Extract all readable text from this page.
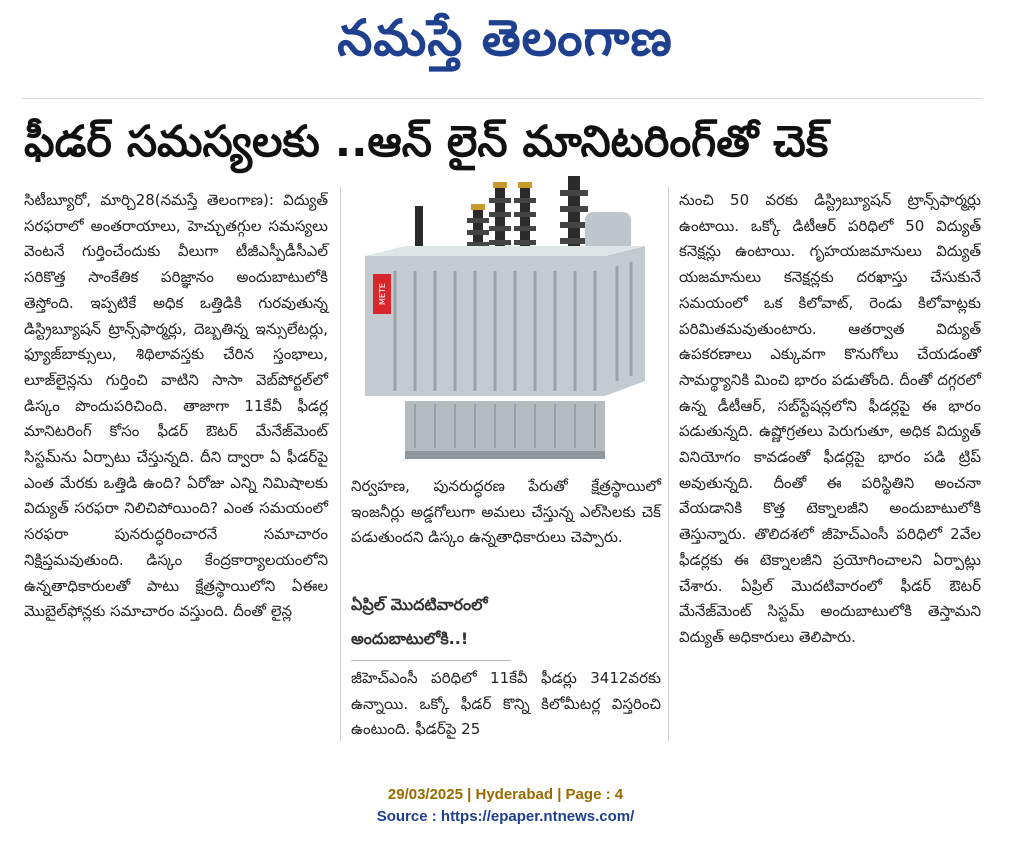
నమస్తే తెలంగాణ
ఫీడర్ సమస్యలకు ..ఆన్ లైన్ మానిటరింగ్‌తో చెక్

సిటీబ్యూరో, మార్చి28(నమస్తే తెలంగాణ): విద్యుత్ సరఫరాలో అంతరాయాలు, హెచ్చుతగ్గుల సమస్యలు వెంటనే గుర్తించేందుకు వీలుగా టీజీఎస్పీడీసీఎల్ సరికొత్త సాంకేతిక పరిజ్ఞానం అందుబాటులోకి తెస్తోంది. ఇప్పటికే అధిక ఒత్తిడికి గురవుతున్న డిస్ట్రిబ్యూషన్ ట్రాన్స్‌ఫార్మర్లు, దెబ్బతిన్న ఇన్సులేటర్లు, ఫ్యూజ్‌బాక్సులు, శిథిలావస్తకు చేరిన స్తంభాలు, లూజ్‌లైన్లను గుర్తించి వాటిని సాసా వెబ్‌పోర్టల్‌లో డిస్కం పొందుపరిచింది. తాజాగా 11కేవీ ఫీడర్ల మానిటరింగ్ కోసం ఫీడర్ ఔటర్ మేనేజ్‌మెంట్ సిస్టమ్‌ను ఏర్పాటు చేస్తున్నది. దీని ద్వారా ఏ ఫీడర్‌పై ఎంత మేరకు ఒత్తిడి ఉంది? ఏరోజు ఎన్ని నిమిషాలకు విద్యుత్ సరఫరా నిలిచిపోయింది? ఎంత సమయంలో సరఫరా పునరుద్ధరించారనే సమాచారం నిక్షిప్తమవుతుంది. డిస్కం కేంద్రకార్యాలయంలోని ఉన్నతాధికారులతో పాటు క్షేత్రస్థాయిలోని ఏఈల మొబైల్‌ఫోన్లకు సమాచారం వస్తుంది. దీంతో లైన్ల

METE

నిర్వహణ, పునరుద్ధరణ పేరుతో క్షేత్రస్థాయిలో ఇంజనీర్లు అడ్డగోలుగా అమలు చేస్తున్న ఎల్‌సిలకు చెక్ పడుతుందని డిస్కం ఉన్నతాధికారులు చెప్పారు.

ఏప్రిల్ మొదటివారంలో
అందుబాటులోకి..!

జీహెచ్‌ఎంసీ పరిధిలో 11కేవీ ఫీడర్లు 3412వరకు ఉన్నాయి. ఒక్కో ఫీడర్ కొన్ని కిలోమీటర్ల విస్తరించి ఉంటుంది. ఫీడర్‌పై 25

నుంచి 50 వరకు డిస్ట్రిబ్యూషన్ ట్రాన్స్‌ఫార్మర్లు ఉంటాయి. ఒక్కో డిటీఆర్ పరిధిలో 50 విద్యుత్ కనెక్షన్లు ఉంటాయి. గృహయజమానులు విద్యుత్ యజమానులు కనెక్షన్లకు దరఖాస్తు చేసుకునే సమయంలో ఒక కిలోవాట్, రెండు కిలోవాట్లకు పరిమితమవుతుంటారు. ఆతర్వాత విద్యుత్ ఉపకరణాలు ఎక్కువగా కొనుగోలు చేయడంతో సామర్థ్యానికి మించి భారం పడుతోంది. దీంతో దగ్గరలో ఉన్న డీటీఆర్, సబ్‌స్టేషన్లలోని ఫీడర్లపై ఈ భారం పడుతున్నది. ఉష్ణోగ్రతలు పెరుగుతూ, అధిక విద్యుత్ వినియోగం కావడంతో ఫీడర్లపై భారం పడి ట్రిప్ అవుతున్నది. దీంతో ఈ పరిస్థితిని అంచనా వేయడానికి కొత్త టెక్నాలజీని అందుబాటులోకి తెస్తున్నారు. తొలిదశలో జీహెచ్‌ఎంసీ పరిధిలో 2వేల ఫీడర్లకు ఈ టెక్నాలజీని ప్రయోగించాలని ఏర్పాట్లు చేశారు. ఏప్రిల్ మొదటివారంలో ఫీడర్ ఔటర్ మేనేజ్‌మెంట్ సిస్టమ్ అందుబాటులోకి తెస్తామని విద్యుత్ అధికారులు తెలిపారు.

29/03/2025 | Hyderabad | Page : 4
Source : https://epaper.ntnews.com/
